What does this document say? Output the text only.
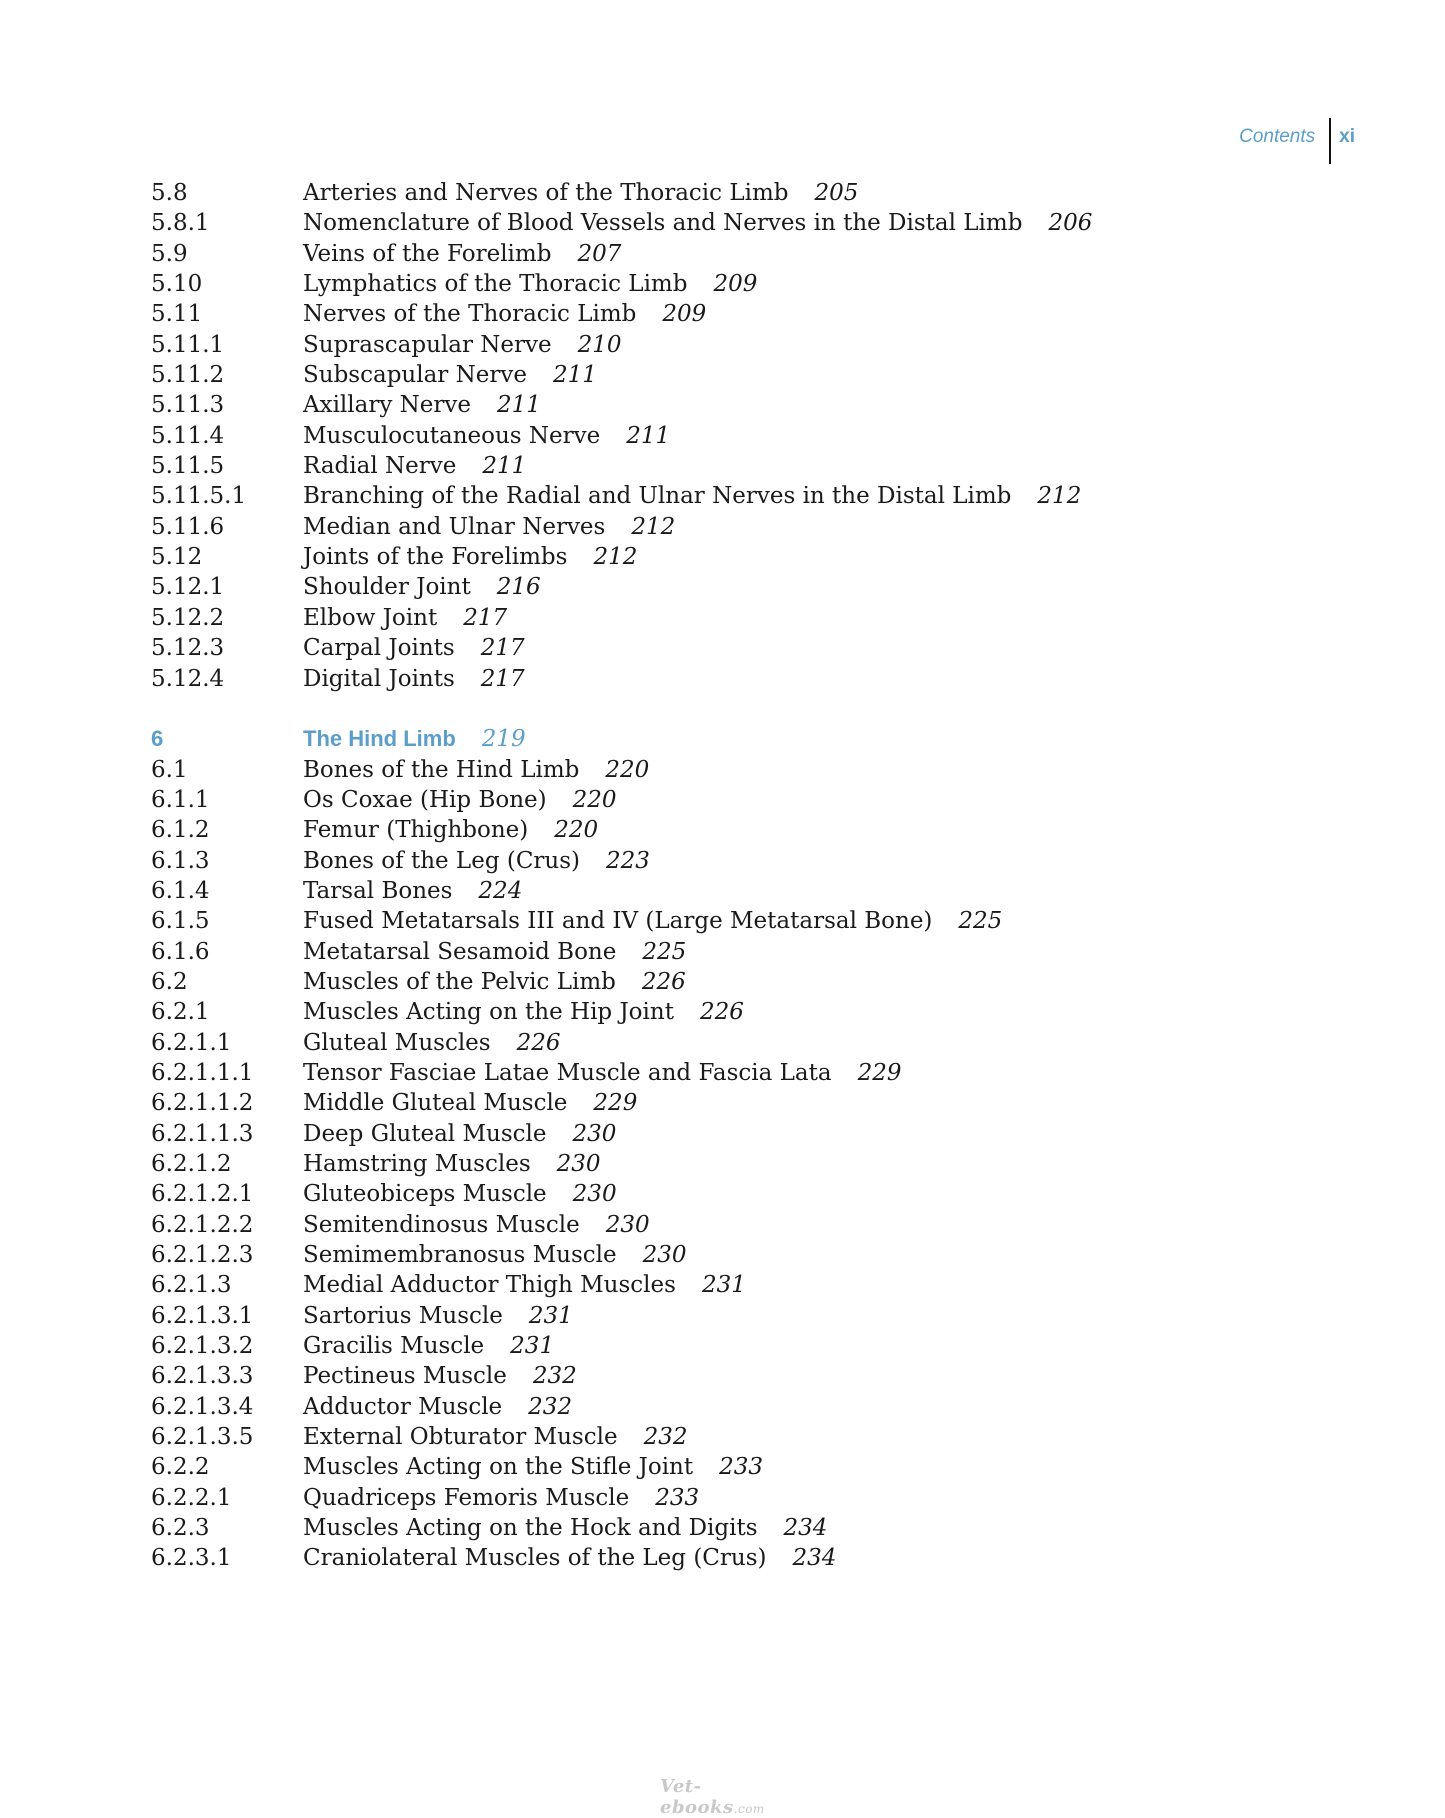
Contents	xi
5.8	Arteries and Nerves of the Thoracic Limb	205
5.8.1	Nomenclature of Blood Vessels and Nerves in the Distal Limb	206
5.9	Veins of the Forelimb	207
5.10	Lymphatics of the Thoracic Limb	209
5.11	Nerves of the Thoracic Limb	209
5.11.1	Suprascapular Nerve	210
5.11.2	Subscapular Nerve	211
5.11.3	Axillary Nerve	211
5.11.4	Musculocutaneous Nerve	211
5.11.5	Radial Nerve	211
5.11.5.1	Branching of the Radial and Ulnar Nerves in the Distal Limb	212
5.11.6	Median and Ulnar Nerves	212
5.12	Joints of the Forelimbs	212
5.12.1	Shoulder Joint	216
5.12.2	Elbow Joint	217
5.12.3	Carpal Joints	217
5.12.4	Digital Joints	217
6	The Hind Limb	219
6.1	Bones of the Hind Limb	220
6.1.1	Os Coxae (Hip Bone)	220
6.1.2	Femur (Thighbone)	220
6.1.3	Bones of the Leg (Crus)	223
6.1.4	Tarsal Bones	224
6.1.5	Fused Metatarsals III and IV (Large Metatarsal Bone)	225
6.1.6	Metatarsal Sesamoid Bone	225
6.2	Muscles of the Pelvic Limb	226
6.2.1	Muscles Acting on the Hip Joint	226
6.2.1.1	Gluteal Muscles	226
6.2.1.1.1	Tensor Fasciae Latae Muscle and Fascia Lata	229
6.2.1.1.2	Middle Gluteal Muscle	229
6.2.1.1.3	Deep Gluteal Muscle	230
6.2.1.2	Hamstring Muscles	230
6.2.1.2.1	Gluteobiceps Muscle	230
6.2.1.2.2	Semitendinosus Muscle	230
6.2.1.2.3	Semimembranosus Muscle	230
6.2.1.3	Medial Adductor Thigh Muscles	231
6.2.1.3.1	Sartorius Muscle	231
6.2.1.3.2	Gracilis Muscle	231
6.2.1.3.3	Pectineus Muscle	232
6.2.1.3.4	Adductor Muscle	232
6.2.1.3.5	External Obturator Muscle	232
6.2.2	Muscles Acting on the Stifle Joint	233
6.2.2.1	Quadriceps Femoris Muscle	233
6.2.3	Muscles Acting on the Hock and Digits	234
6.2.3.1	Craniolateral Muscles of the Leg (Crus)	234
Vet-ebooks.com
